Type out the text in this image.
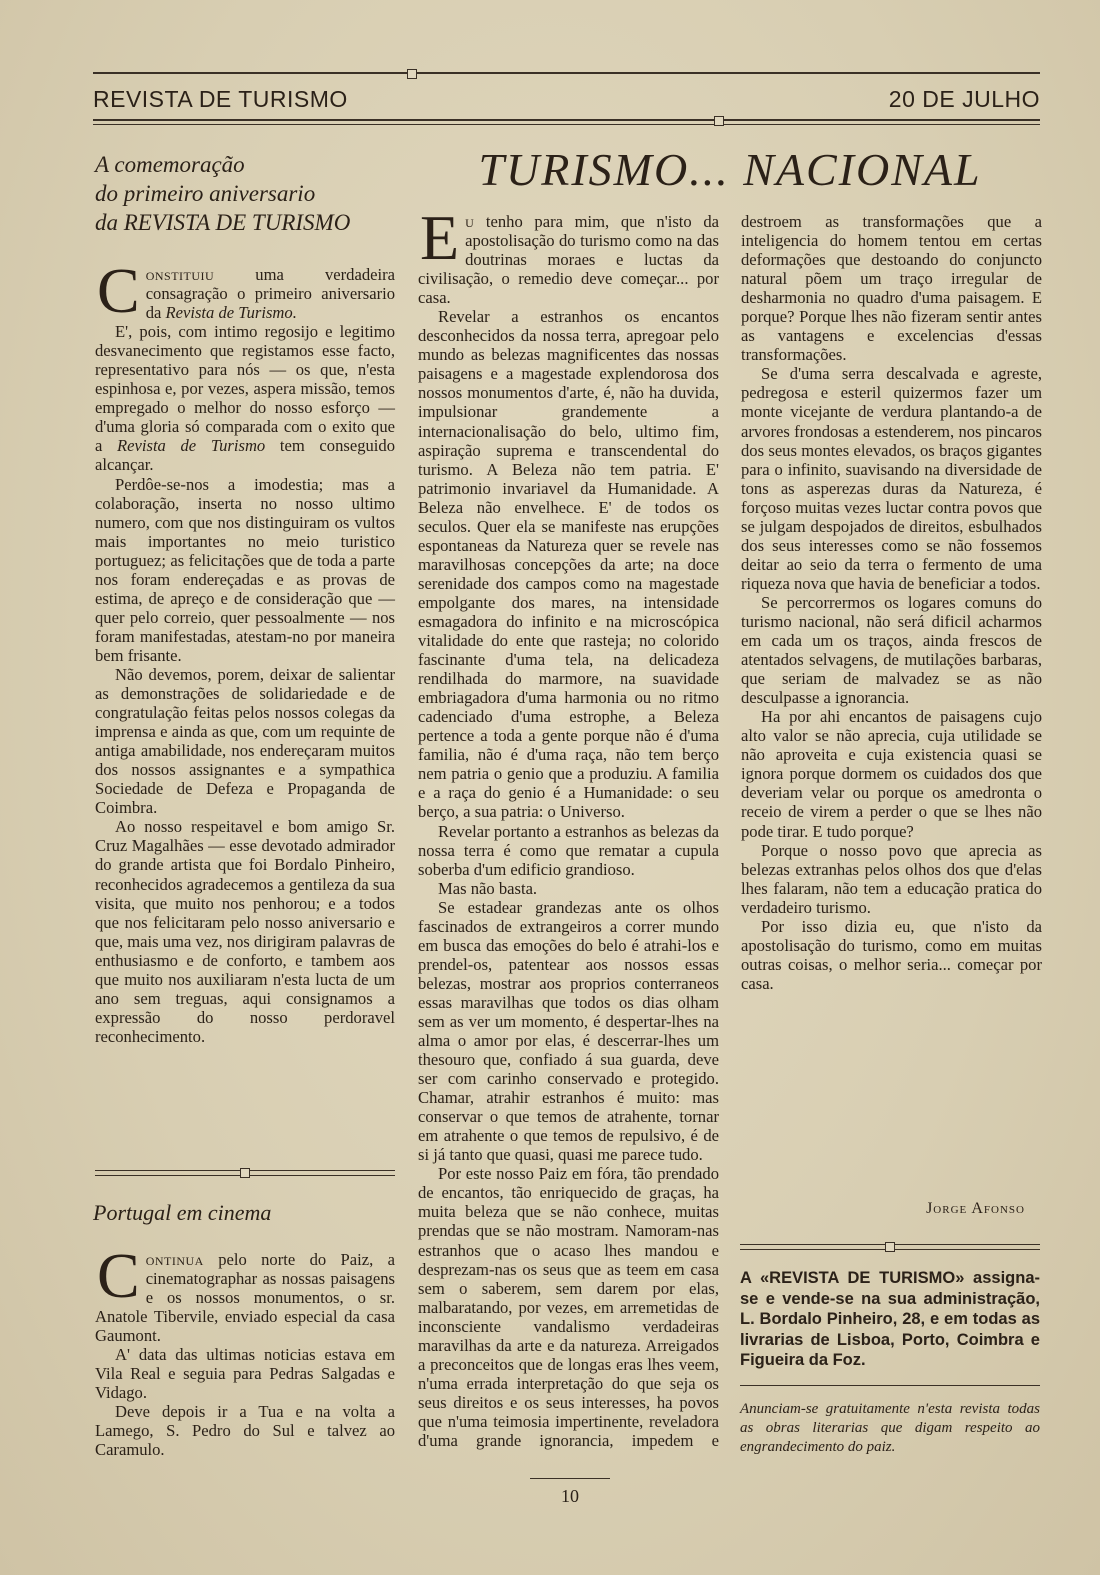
REVISTA DE TURISMO	20 DE JULHO
A comemoração
do primeiro aniversario
da REVISTA DE TURISMO

Constituiu uma verdadeira consagração o primeiro aniversario da Revista de Turismo.

E', pois, com intimo regosijo e legitimo desvanecimento que registamos esse facto, representativo para nós — os que, n'esta espinhosa e, por vezes, aspera missão, temos empregado o melhor do nosso esforço — d'uma gloria só comparada com o exito que a Revista de Turismo tem conseguido alcançar.

Perdôe-se-nos a imodestia; mas a colaboração, inserta no nosso ultimo numero, com que nos distinguiram os vultos mais importantes no meio turistico portuguez; as felicitações que de toda a parte nos foram endereçadas e as provas de estima, de apreço e de consideração que — quer pelo correio, quer pessoalmente — nos foram manifestadas, atestam-no por maneira bem frisante.

Não devemos, porem, deixar de salientar as demonstrações de solidariedade e de congratulação feitas pelos nossos colegas da imprensa e ainda as que, com um requinte de antiga amabilidade, nos endereçaram muitos dos nossos assignantes e a sympathica Sociedade de Defeza e Propaganda de Coimbra.

Ao nosso respeitavel e bom amigo Sr. Cruz Magalhães — esse devotado admirador do grande artista que foi Bordalo Pinheiro, reconhecidos agradecemos a gentileza da sua visita, que muito nos penhorou; e a todos que nos felicitaram pelo nosso aniversario e que, mais uma vez, nos dirigiram palavras de enthusiasmo e de conforto, e tambem aos que muito nos auxiliaram n'esta lucta de um ano sem treguas, aqui consignamos a expressão do nosso perdoravel reconhecimento.

Portugal em cinema

Continua pelo norte do Paiz, a cinematographar as nossas paisagens e os nossos monumentos, o sr. Anatole Tibervile, enviado especial da casa Gaumont.

A' data das ultimas noticias estava em Vila Real e seguia para Pedras Salgadas e Vidago.

Deve depois ir a Tua e na volta a Lamego, S. Pedro do Sul e talvez ao Caramulo.

TURISMO... NACIONAL

Eu tenho para mim, que n'isto da apostolisação do turismo como na das doutrinas moraes e luctas da civilisação, o remedio deve começar... por casa.

Revelar a estranhos os encantos desconhecidos da nossa terra, apregoar pelo mundo as belezas magnificentes das nossas paisagens e a magestade explendorosa dos nossos monumentos d'arte, é, não ha duvida, impulsionar grandemente a internacionalisação do belo, ultimo fim, aspiração suprema e transcendental do turismo. A Beleza não tem patria. E' patrimonio invariavel da Humanidade. A Beleza não envelhece. E' de todos os seculos. Quer ela se manifeste nas erupções espontaneas da Natureza quer se revele nas maravilhosas concepções da arte; na doce serenidade dos campos como na magestade empolgante dos mares, na intensidade esmagadora do infinito e na microscópica vitalidade do ente que rasteja; no colorido fascinante d'uma tela, na delicadeza rendilhada do marmore, na suavidade embriagadora d'uma harmonia ou no ritmo cadenciado d'uma estrophe, a Beleza pertence a toda a gente porque não é d'uma familia, não é d'uma raça, não tem berço nem patria o genio que a produziu. A familia e a raça do genio é a Humanidade: o seu berço, a sua patria: o Universo.

Revelar portanto a estranhos as belezas da nossa terra é como que rematar a cupula soberba d'um edificio grandioso.

Mas não basta.

Se estadear grandezas ante os olhos fascinados de extrangeiros a correr mundo em busca das emoções do belo é atrahi-los e prendel-os, patentear aos nossos essas belezas, mostrar aos proprios conterraneos essas maravilhas que todos os dias olham sem as ver um momento, é despertar-lhes na alma o amor por elas, é descerrar-lhes um thesouro que, confiado á sua guarda, deve ser com carinho conservado e protegido. Chamar, atrahir estranhos é muito: mas conservar o que temos de atrahente, tornar em atrahente o que temos de repulsivo, é de si já tanto que quasi, quasi me parece tudo.

Por este nosso Paiz em fóra, tão prendado de encantos, tão enriquecido de graças, ha muita beleza que se não conhece, muitas prendas que se não mostram. Namoram-nas estranhos que o acaso lhes mandou e desprezam-nas os seus que as teem em casa sem o saberem, sem darem por elas, malbaratando, por vezes, em arremetidas de inconsciente vandalismo verdadeiras maravilhas da arte e da natureza. Arreigados a preconceitos que de longas eras lhes veem, n'uma errada interpretação do que seja os seus direitos e os seus interesses, ha povos que n'uma teimosia impertinente, reveladora d'uma grande ignorancia, impedem e destroem as transformações que a inteligencia do homem tentou em certas deformações que destoando do conjuncto natural põem um traço irregular de desharmonia no quadro d'uma paisagem. E porque? Porque lhes não fizeram sentir antes as vantagens e excelencias d'essas transformações.

Se d'uma serra descalvada e agreste, pedregosa e esteril quizermos fazer um monte vicejante de verdura plantando-a de arvores frondosas a estenderem, nos pincaros dos seus montes elevados, os braços gigantes para o infinito, suavisando na diversidade de tons as asperezas duras da Natureza, é forçoso muitas vezes luctar contra povos que se julgam despojados de direitos, esbulhados dos seus interesses como se não fossemos deitar ao seio da terra o fermento de uma riqueza nova que havia de beneficiar a todos.

Se percorrermos os logares comuns do turismo nacional, não será dificil acharmos em cada um os traços, ainda frescos de atentados selvagens, de mutilações barbaras, que seriam de malvadez se as não desculpasse a ignorancia.

Ha por ahi encantos de paisagens cujo alto valor se não aprecia, cuja utilidade se não aproveita e cuja existencia quasi se ignora porque dormem os cuidados dos que deveriam velar ou porque os amedronta o receio de virem a perder o que se lhes não pode tirar. E tudo porque?

Porque o nosso povo que aprecia as belezas extranhas pelos olhos dos que d'elas lhes falaram, não tem a educação pratica do verdadeiro turismo.

Por isso dizia eu, que n'isto da apostolisação do turismo, como em muitas outras coisas, o melhor seria... começar por casa.

Jorge Afonso
A «REVISTA DE TURISMO» assigna-se e vende-se na sua administração, L. Bordalo Pinheiro, 28, e em todas as livrarias de Lisboa, Porto, Coimbra e Figueira da Foz.
Anunciam-se gratuitamente n'esta revista todas as obras literarias que digam respeito ao engrandecimento do paiz.
10
